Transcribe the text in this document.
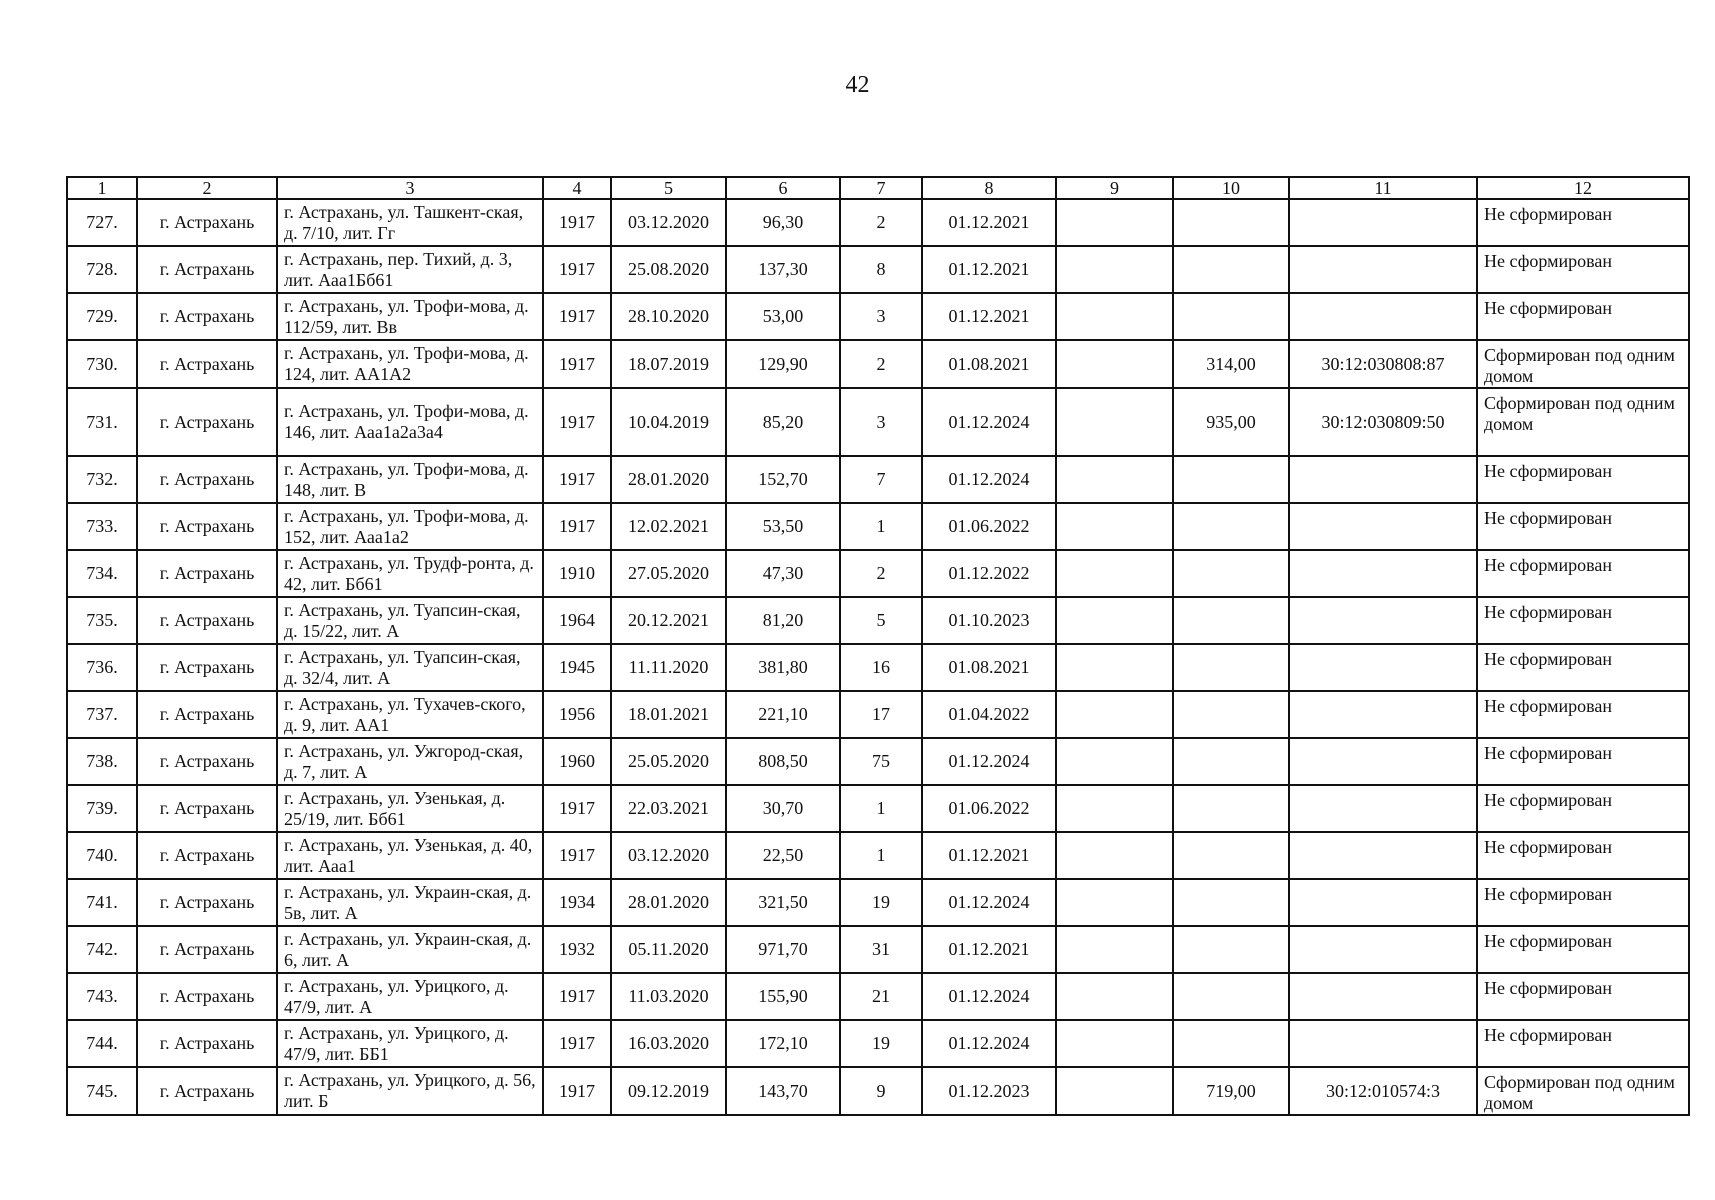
42
1	2	3	4	5	6	7	8	9	10	11	12
727.	г. Астрахань	г. Астрахань, ул. Ташкент-ская, д. 7/10, лит. Гг	1917	03.12.2020	96,30	2	01.12.2021				Не сформирован
728.	г. Астрахань	г. Астрахань, пер. Тихий, д. 3, лит. Ааа1Бб61	1917	25.08.2020	137,30	8	01.12.2021				Не сформирован
729.	г. Астрахань	г. Астрахань, ул. Трофи-мова, д. 112/59, лит. Вв	1917	28.10.2020	53,00	3	01.12.2021				Не сформирован
730.	г. Астрахань	г. Астрахань, ул. Трофи-мова, д. 124, лит. АА1А2	1917	18.07.2019	129,90	2	01.08.2021		314,00	30:12:030808:87	Сформирован под одним домом
731.	г. Астрахань	г. Астрахань, ул. Трофи-мова, д. 146, лит. Ааа1а2а3а4	1917	10.04.2019	85,20	3	01.12.2024		935,00	30:12:030809:50	Сформирован под одним домом
732.	г. Астрахань	г. Астрахань, ул. Трофи-мова, д. 148, лит. В	1917	28.01.2020	152,70	7	01.12.2024				Не сформирован
733.	г. Астрахань	г. Астрахань, ул. Трофи-мова, д. 152, лит. Ааа1а2	1917	12.02.2021	53,50	1	01.06.2022				Не сформирован
734.	г. Астрахань	г. Астрахань, ул. Трудф-ронта, д. 42, лит. Бб61	1910	27.05.2020	47,30	2	01.12.2022				Не сформирован
735.	г. Астрахань	г. Астрахань, ул. Туапсин-ская, д. 15/22, лит. А	1964	20.12.2021	81,20	5	01.10.2023				Не сформирован
736.	г. Астрахань	г. Астрахань, ул. Туапсин-ская, д. 32/4, лит. А	1945	11.11.2020	381,80	16	01.08.2021				Не сформирован
737.	г. Астрахань	г. Астрахань, ул. Тухачев-ского, д. 9, лит. АА1	1956	18.01.2021	221,10	17	01.04.2022				Не сформирован
738.	г. Астрахань	г. Астрахань, ул. Ужгород-ская, д. 7, лит. А	1960	25.05.2020	808,50	75	01.12.2024				Не сформирован
739.	г. Астрахань	г. Астрахань, ул. Узенькая, д. 25/19, лит. Бб61	1917	22.03.2021	30,70	1	01.06.2022				Не сформирован
740.	г. Астрахань	г. Астрахань, ул. Узенькая, д. 40, лит. Ааа1	1917	03.12.2020	22,50	1	01.12.2021				Не сформирован
741.	г. Астрахань	г. Астрахань, ул. Украин-ская, д. 5в, лит. А	1934	28.01.2020	321,50	19	01.12.2024				Не сформирован
742.	г. Астрахань	г. Астрахань, ул. Украин-ская, д. 6, лит. А	1932	05.11.2020	971,70	31	01.12.2021				Не сформирован
743.	г. Астрахань	г. Астрахань, ул. Урицкого, д. 47/9, лит. А	1917	11.03.2020	155,90	21	01.12.2024				Не сформирован
744.	г. Астрахань	г. Астрахань, ул. Урицкого, д. 47/9, лит. ББ1	1917	16.03.2020	172,10	19	01.12.2024				Не сформирован
745.	г. Астрахань	г. Астрахань, ул. Урицкого, д. 56, лит. Б	1917	09.12.2019	143,70	9	01.12.2023		719,00	30:12:010574:3	Сформирован под одним домом
